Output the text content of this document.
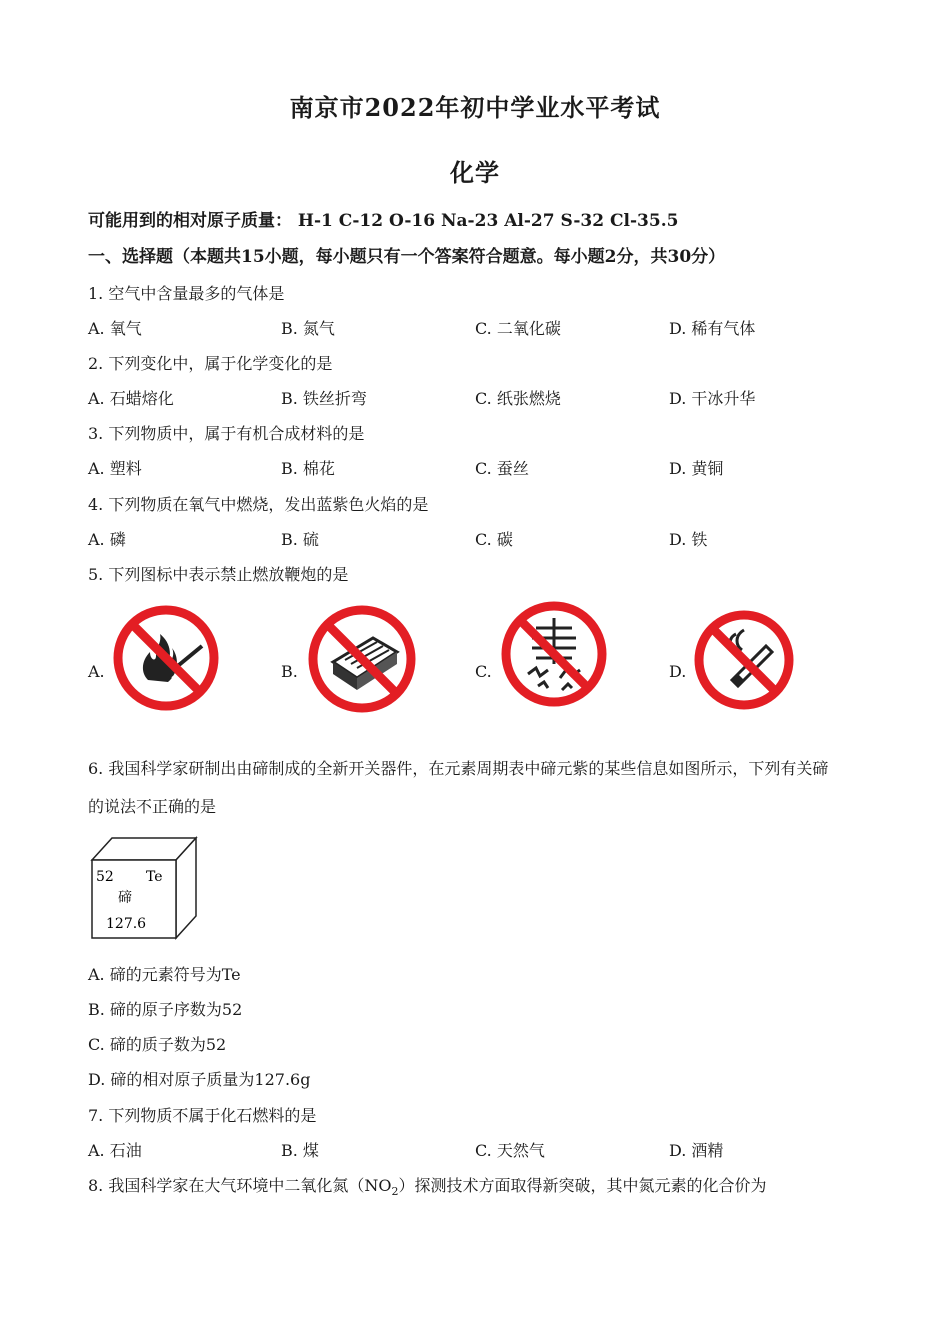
南京市2022年初中学业水平考试
化学
可能用到的相对原子质量： H-1 C-12 O-16 Na-23 Al-27 S-32 Cl-35.5
一、选择题（本题共15小题，每小题只有一个答案符合题意。每小题2分，共30分）
1. 空气中含量最多的气体是
A. 氧气	B. 氮气	C. 二氧化碳	D. 稀有气体
2. 下列变化中，属于化学变化的是
A. 石蜡熔化	B. 铁丝折弯	C. 纸张燃烧	D. 干冰升华
3. 下列物质中，属于有机合成材料的是
A. 塑料	B. 棉花	C. 蚕丝	D. 黄铜
4. 下列物质在氧气中燃烧，发出蓝紫色火焰的是
A. 磷	B. 硫	C. 碳	D. 铁
5. 下列图标中表示禁止燃放鞭炮的是
A.	B.	C.	D.
6. 我国科学家研制出由碲制成的全新开关器件，在元素周期表中碲元紫的某些信息如图所示，下列有关碲
的说法不正确的是
52 Te
碲
127.6
A. 碲的元素符号为Te
B. 碲的原子序数为52
C. 碲的质子数为52
D. 碲的相对原子质量为127.6g
7. 下列物质不属于化石燃料的是
A. 石油	B. 煤	C. 天然气	D. 酒精
8. 我国科学家在大气环境中二氧化氮$(NO_2)$探测技术方面取得新突破，其中氮元素的化合价为
